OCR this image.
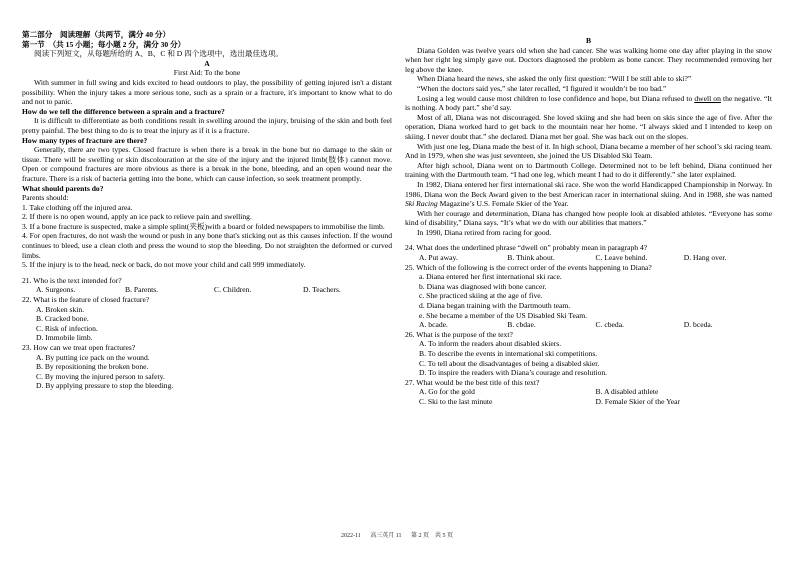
第二部分　阅读理解（共两节，满分 40 分）

第一节　（共 15 小题；每小题 2 分，满分 30 分）

阅读下列短文，从每题所给的 A、B、C 和 D 四个选项中，选出最佳选项。

A

First Aid: To the bone

With summer in full swing and kids excited to head outdoors to play, the possibility of getting injured isn't a distant possibility. When the injury takes a more serious tone, such as a sprain or a fracture, it's important to know what to do and not to panic.

How do we tell the difference between a sprain and a fracture?

It is difficult to differentiate as both conditions result in swelling around the injury, bruising of the skin and both feel pretty painful. The best thing to do is to treat the injury as if it is a fracture.

How many types of fracture are there?

Generally, there are two types. Closed fracture is when there is a break in the bone but no damage to the skin or tissue. There will be swelling or skin discolouration at the site of the injury and the injured limb(肢体) cannot move. Open or compound fractures are more obvious as there is a break in the bone, bleeding, and an open wound near the fracture. There is a risk of bacteria getting into the bone, which can cause infection, so seek treatment promptly.

What should parents do?

Parents should:

1. Take clothing off the injured area.

2. If there is no open wound, apply an ice pack to relieve pain and swelling.

3. If a bone fracture is suspected, make a simple splint(夹板)with a board or folded newspapers to immobilise the limb.

4. For open fractures, do not wash the wound or push in any bone that's sticking out as this causes infection. If the wound continues to bleed, use a clean cloth and press the wound to stop the bleeding. Do not straighten the deformed or curved limbs.

5. If the injury is to the head, neck or back, do not move your child and call 999 immediately.

21. Who is the text intended for?

A. Surgeons.	B. Parents.	C. Children.	D. Teachers.

22. What is the feature of closed fracture?

A. Broken skin.

B. Cracked bone.

C. Risk of infection.

D. Immobile limb.

23. How can we treat open fractures?

A. By putting ice pack on the wound.

B. By repositioning the broken bone.

C. By moving the injured person to safety.

D. By applying pressure to stop the bleeding.

B

Diana Golden was twelve years old when she had cancer. She was walking home one day after playing in the snow when her right leg simply gave out. Doctors diagnosed the problem as bone cancer. They recommended removing her leg above the knee.

When Diana heard the news, she asked the only first question: “Will I be still able to ski?”

“When the doctors said yes,” she later recalled, “I figured it wouldn’t be too bad.”

Losing a leg would cause most children to lose confidence and hope, but Diana refused to dwell on the negative. “It is nothing. A body part.” she’d say.

Most of all, Diana was not discouraged. She loved skiing and she had been on skis since the age of five. After the operation, Diana worked hard to get back to the mountain near her home. “I always skied and I intended to keep on skiing. I never doubt that.” she declared. Diana met her goal. She was back out on the slopes.

With just one leg, Diana made the best of it. In high school, Diana became a member of her school’s ski racing team. And in 1979, when she was just seventeen, she joined the US Disabled Ski Team.

After high school, Diana went on to Dartmouth College. Determined not to be left behind, Diana continued her training with the Dartmouth team. “I had one leg, which meant I had to do it differently.” she later explained.

In 1982, Diana entered her first international ski race. She won the world Handicapped Championship in Norway. In 1986, Diana won the Beck Award given to the best American racer in international skiing. And in 1988, she was named Ski Racing Magazine’s U.S. Female Skier of the Year.

With her courage and determination, Diana has changed how people look at disabled athletes. “Everyone has some kind of disability,” Diana says. “It’s what we do with our abilities that matters.”

In 1990, Diana retired from racing for good.

24. What does the underlined phrase “dwell on” probably mean in paragraph 4?

A. Put away.	B. Think about.	C. Leave behind.	D. Hang over.

25. Which of the following is the correct order of the events happening to Diana?

a. Diana entered her first international ski race.

b. Diana was diagnosed with bone cancer.

c. She practiced skiing at the age of five.

d. Diana began training with the Dartmouth team.

e. She became a member of the US Disabled Ski Team.

A. bcade.	B. cbdae.	C. cbeda.	D. bceda.

26. What is the purpose of the text?

A. To inform the readers about disabled skiers.

B. To describe the events in international ski competitions.

C. To tell about the disadvantages of being a disabled skier.

D. To inspire the readers with Diana’s courage and resolution.

27. What would be the best title of this text?

A. Go for the gold	B. A disabled athlete
C. Ski to the last minute	D. Female Skier of the Year
2022-11 高三英月 11 第 2 页　共 5 页
